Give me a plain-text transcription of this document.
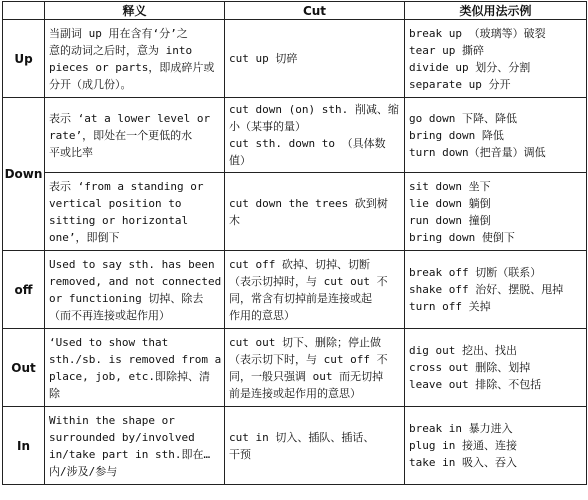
	释义	Cut	类似用法示例
Up	当副词 up 用在含有‘分’之
意的动词之后时，意为 into
pieces or parts，即成碎片或
分开（成几份）。	cut up 切碎	break up （玻璃等）破裂
tear up 撕碎
divide up 划分、分割
separate up 分开

Down	表示 ‘at a lower level or
rate’，即处在一个更低的水
平或比率	cut down (on) sth. 削减、缩
小（某事的量）
cut sth. down to （具体数
值）	go down 下降、降低
bring down 降低
turn down（把音量）调低

	表示 ‘from a standing or
vertical position to
sitting or horizontal
one’，即倒下	cut down the trees 砍到树
木	sit down 坐下
lie down 躺倒
run down 撞倒
bring down 使倒下

off	Used to say sth. has been
removed, and not connected
or functioning 切掉、除去
（而不再连接或起作用）	cut off 砍掉、切掉、切断
（表示切掉时，与 cut out 不
同，常含有切掉前是连接或起
作用的意思）	break off 切断（联系）
shake off 治好、摆脱、甩掉
turn off 关掉

Out	‘Used to show that
sth./sb. is removed from a
place, job, etc.即除掉、清
除	cut out 切下、删除；停止做
（表示切下时，与 cut off 不
同，一般只强调 out 而无切掉
前是连接或起作用的意思）	dig out 挖出、找出
cross out 删除、划掉
leave out 排除、不包括

In	Within the shape or
surrounded by/involved
in/take part in sth.即在…
内/涉及/参与	cut in 切入、插队、插话、
干预	break in 暴力进入
plug in 接通、连接
take in 吸入、吞入
